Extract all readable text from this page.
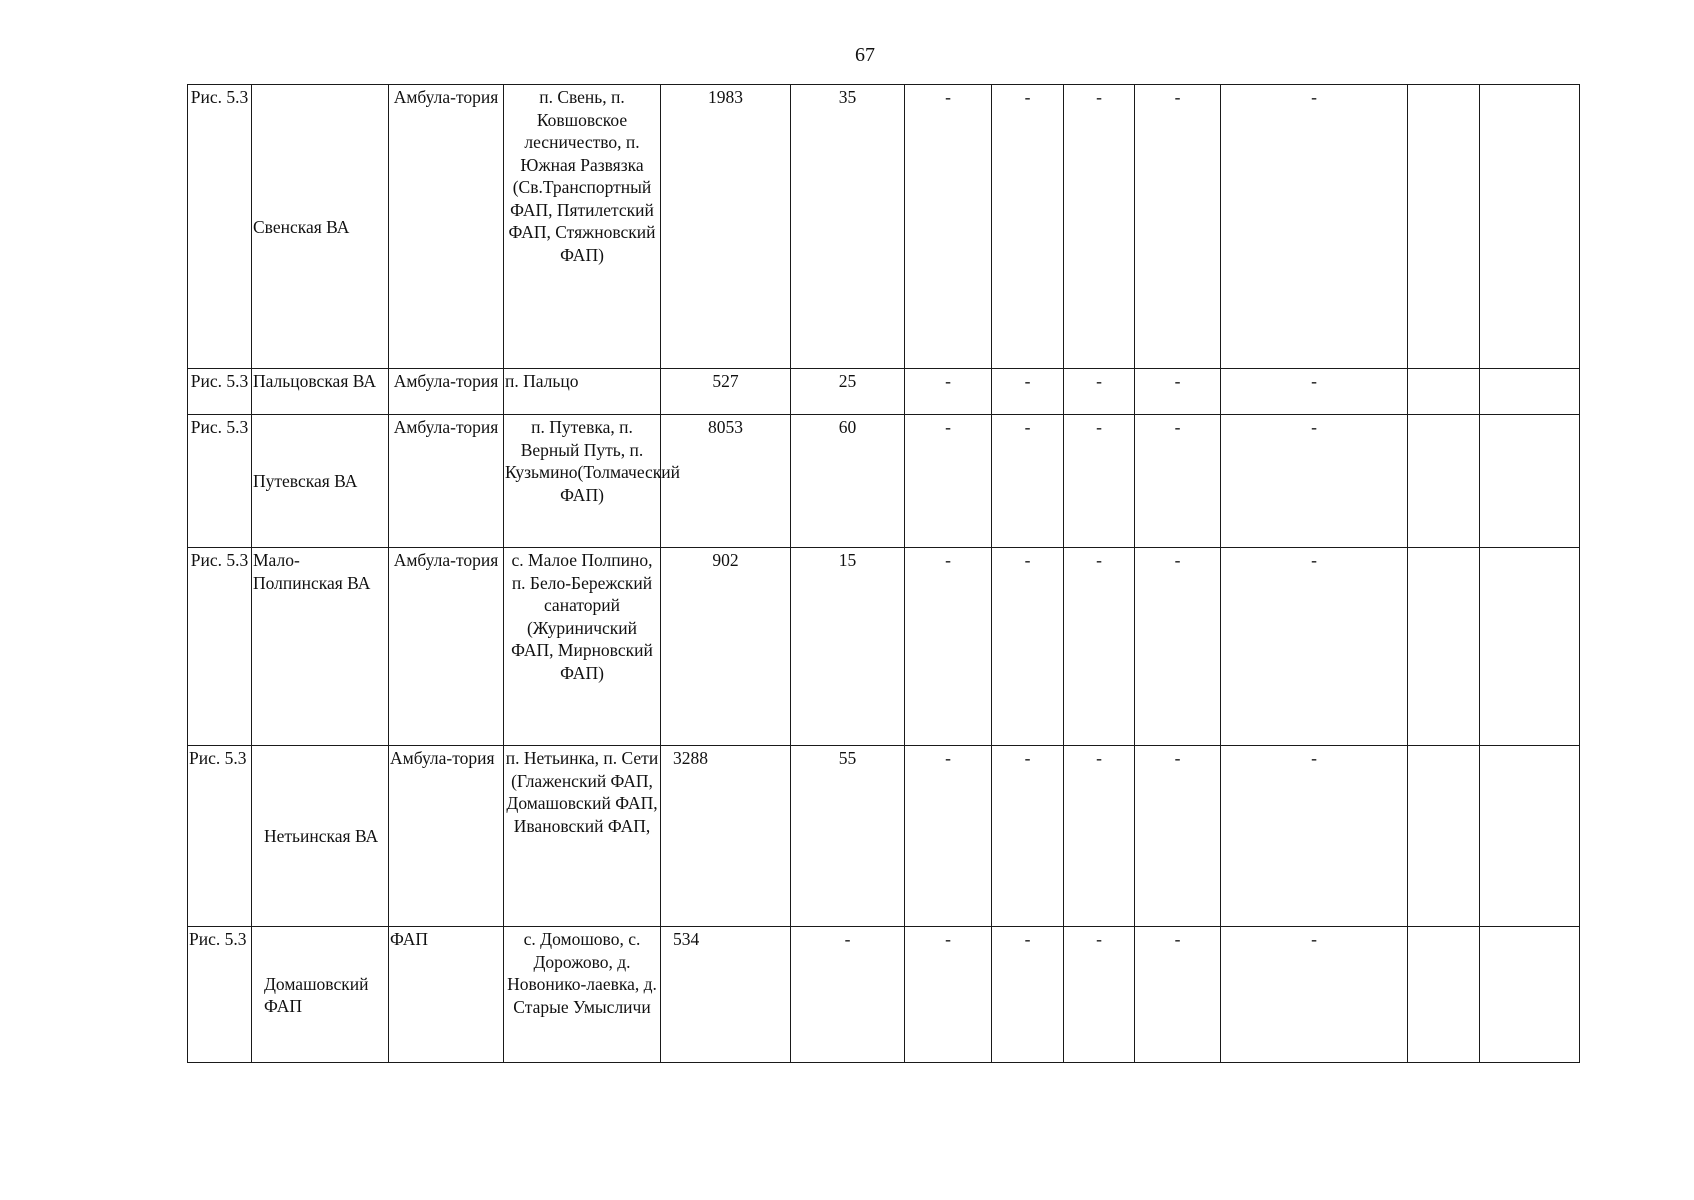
67
Рис. 5.3	Свенская ВА	Амбула-тория	п. Свень, п. Ковшовское лесничество, п. Южная Развязка (Св.Транспортный ФАП, Пятилетский ФАП, Стяжновский ФАП)	1983	35	-	-	-	-	-		
Рис. 5.3	Пальцовская ВА	Амбула-тория	п. Пальцо	527	25	-	-	-	-	-		
Рис. 5.3	Путевская ВА	Амбула-тория	п. Путевка, п. Верный Путь, п. Кузьмино(Толмаческий ФАП)	8053	60	-	-	-	-	-		
Рис. 5.3	Мало-Полпинская ВА	Амбула-тория	с. Малое Полпино, п. Бело-Бережский санаторий (Журиничский ФАП, Мирновский ФАП)	902	15	-	-	-	-	-		
Рис. 5.3	Нетьинская ВА	Амбула-тория	п. Нетьинка, п. Сети (Глаженский ФАП, Домашовский ФАП, Ивановский ФАП,	3288	55	-	-	-	-	-		
Рис. 5.3	Домашовский ФАП	ФАП	с. Домошово, с. Дорожово, д. Новонико-лаевка, д. Старые Умысличи	534	-	-	-	-	-	-		
